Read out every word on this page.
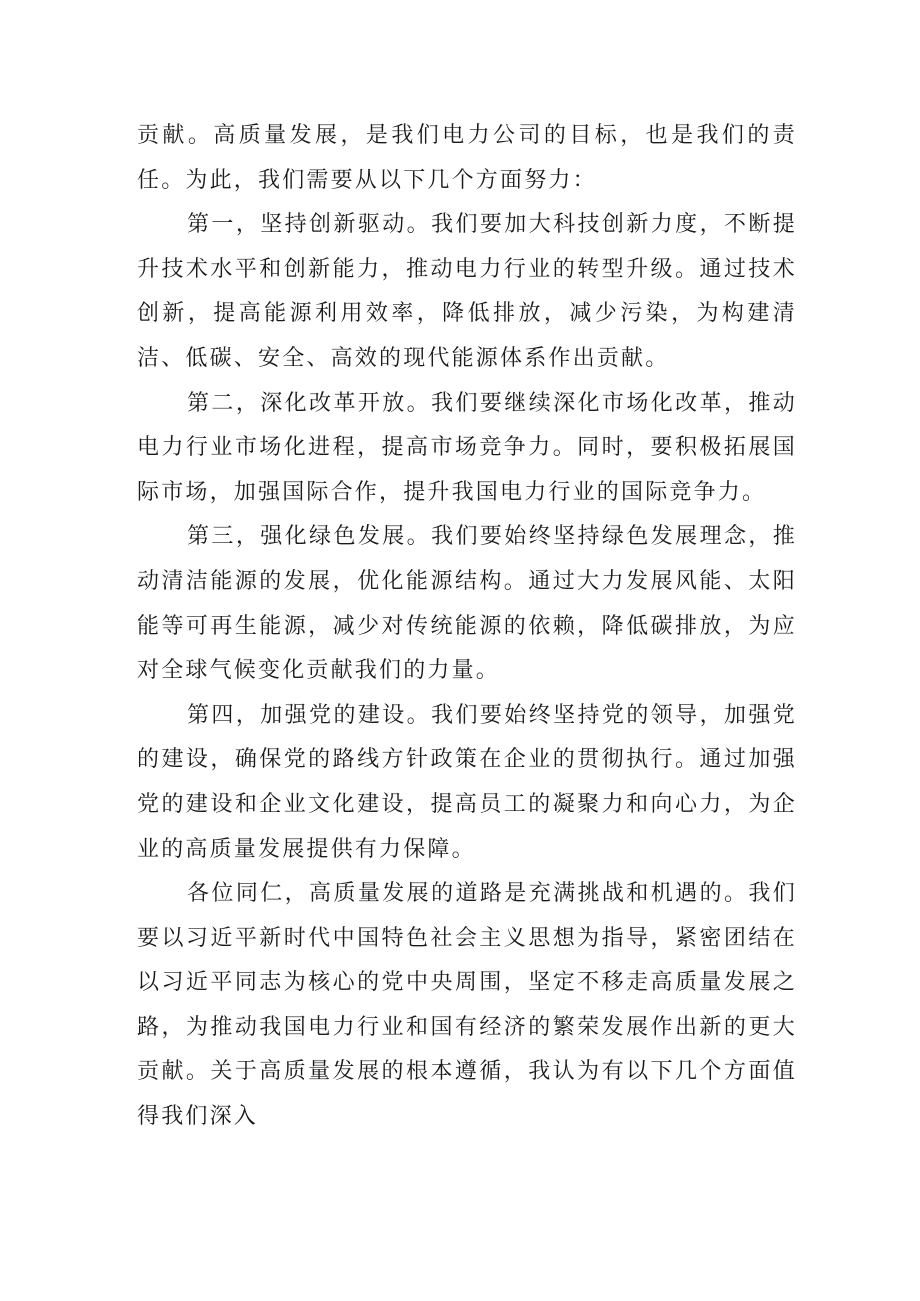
贡献。高质量发展，是我们电力公司的目标，也是我们的责任。为此，我们需要从以下几个方面努力：

第一，坚持创新驱动。我们要加大科技创新力度，不断提升技术水平和创新能力，推动电力行业的转型升级。通过技术创新，提高能源利用效率，降低排放，减少污染，为构建清洁、低碳、安全、高效的现代能源体系作出贡献。

第二，深化改革开放。我们要继续深化市场化改革，推动电力行业市场化进程，提高市场竞争力。同时，要积极拓展国际市场，加强国际合作，提升我国电力行业的国际竞争力。

第三，强化绿色发展。我们要始终坚持绿色发展理念，推动清洁能源的发展，优化能源结构。通过大力发展风能、太阳能等可再生能源，减少对传统能源的依赖，降低碳排放，为应对全球气候变化贡献我们的力量。

第四，加强党的建设。我们要始终坚持党的领导，加强党的建设，确保党的路线方针政策在企业的贯彻执行。通过加强党的建设和企业文化建设，提高员工的凝聚力和向心力，为企业的高质量发展提供有力保障。

各位同仁，高质量发展的道路是充满挑战和机遇的。我们要以习近平新时代中国特色社会主义思想为指导，紧密团结在以习近平同志为核心的党中央周围，坚定不移走高质量发展之路，为推动我国电力行业和国有经济的繁荣发展作出新的更大贡献。关于高质量发展的根本遵循，我认为有以下几个方面值得我们深入
